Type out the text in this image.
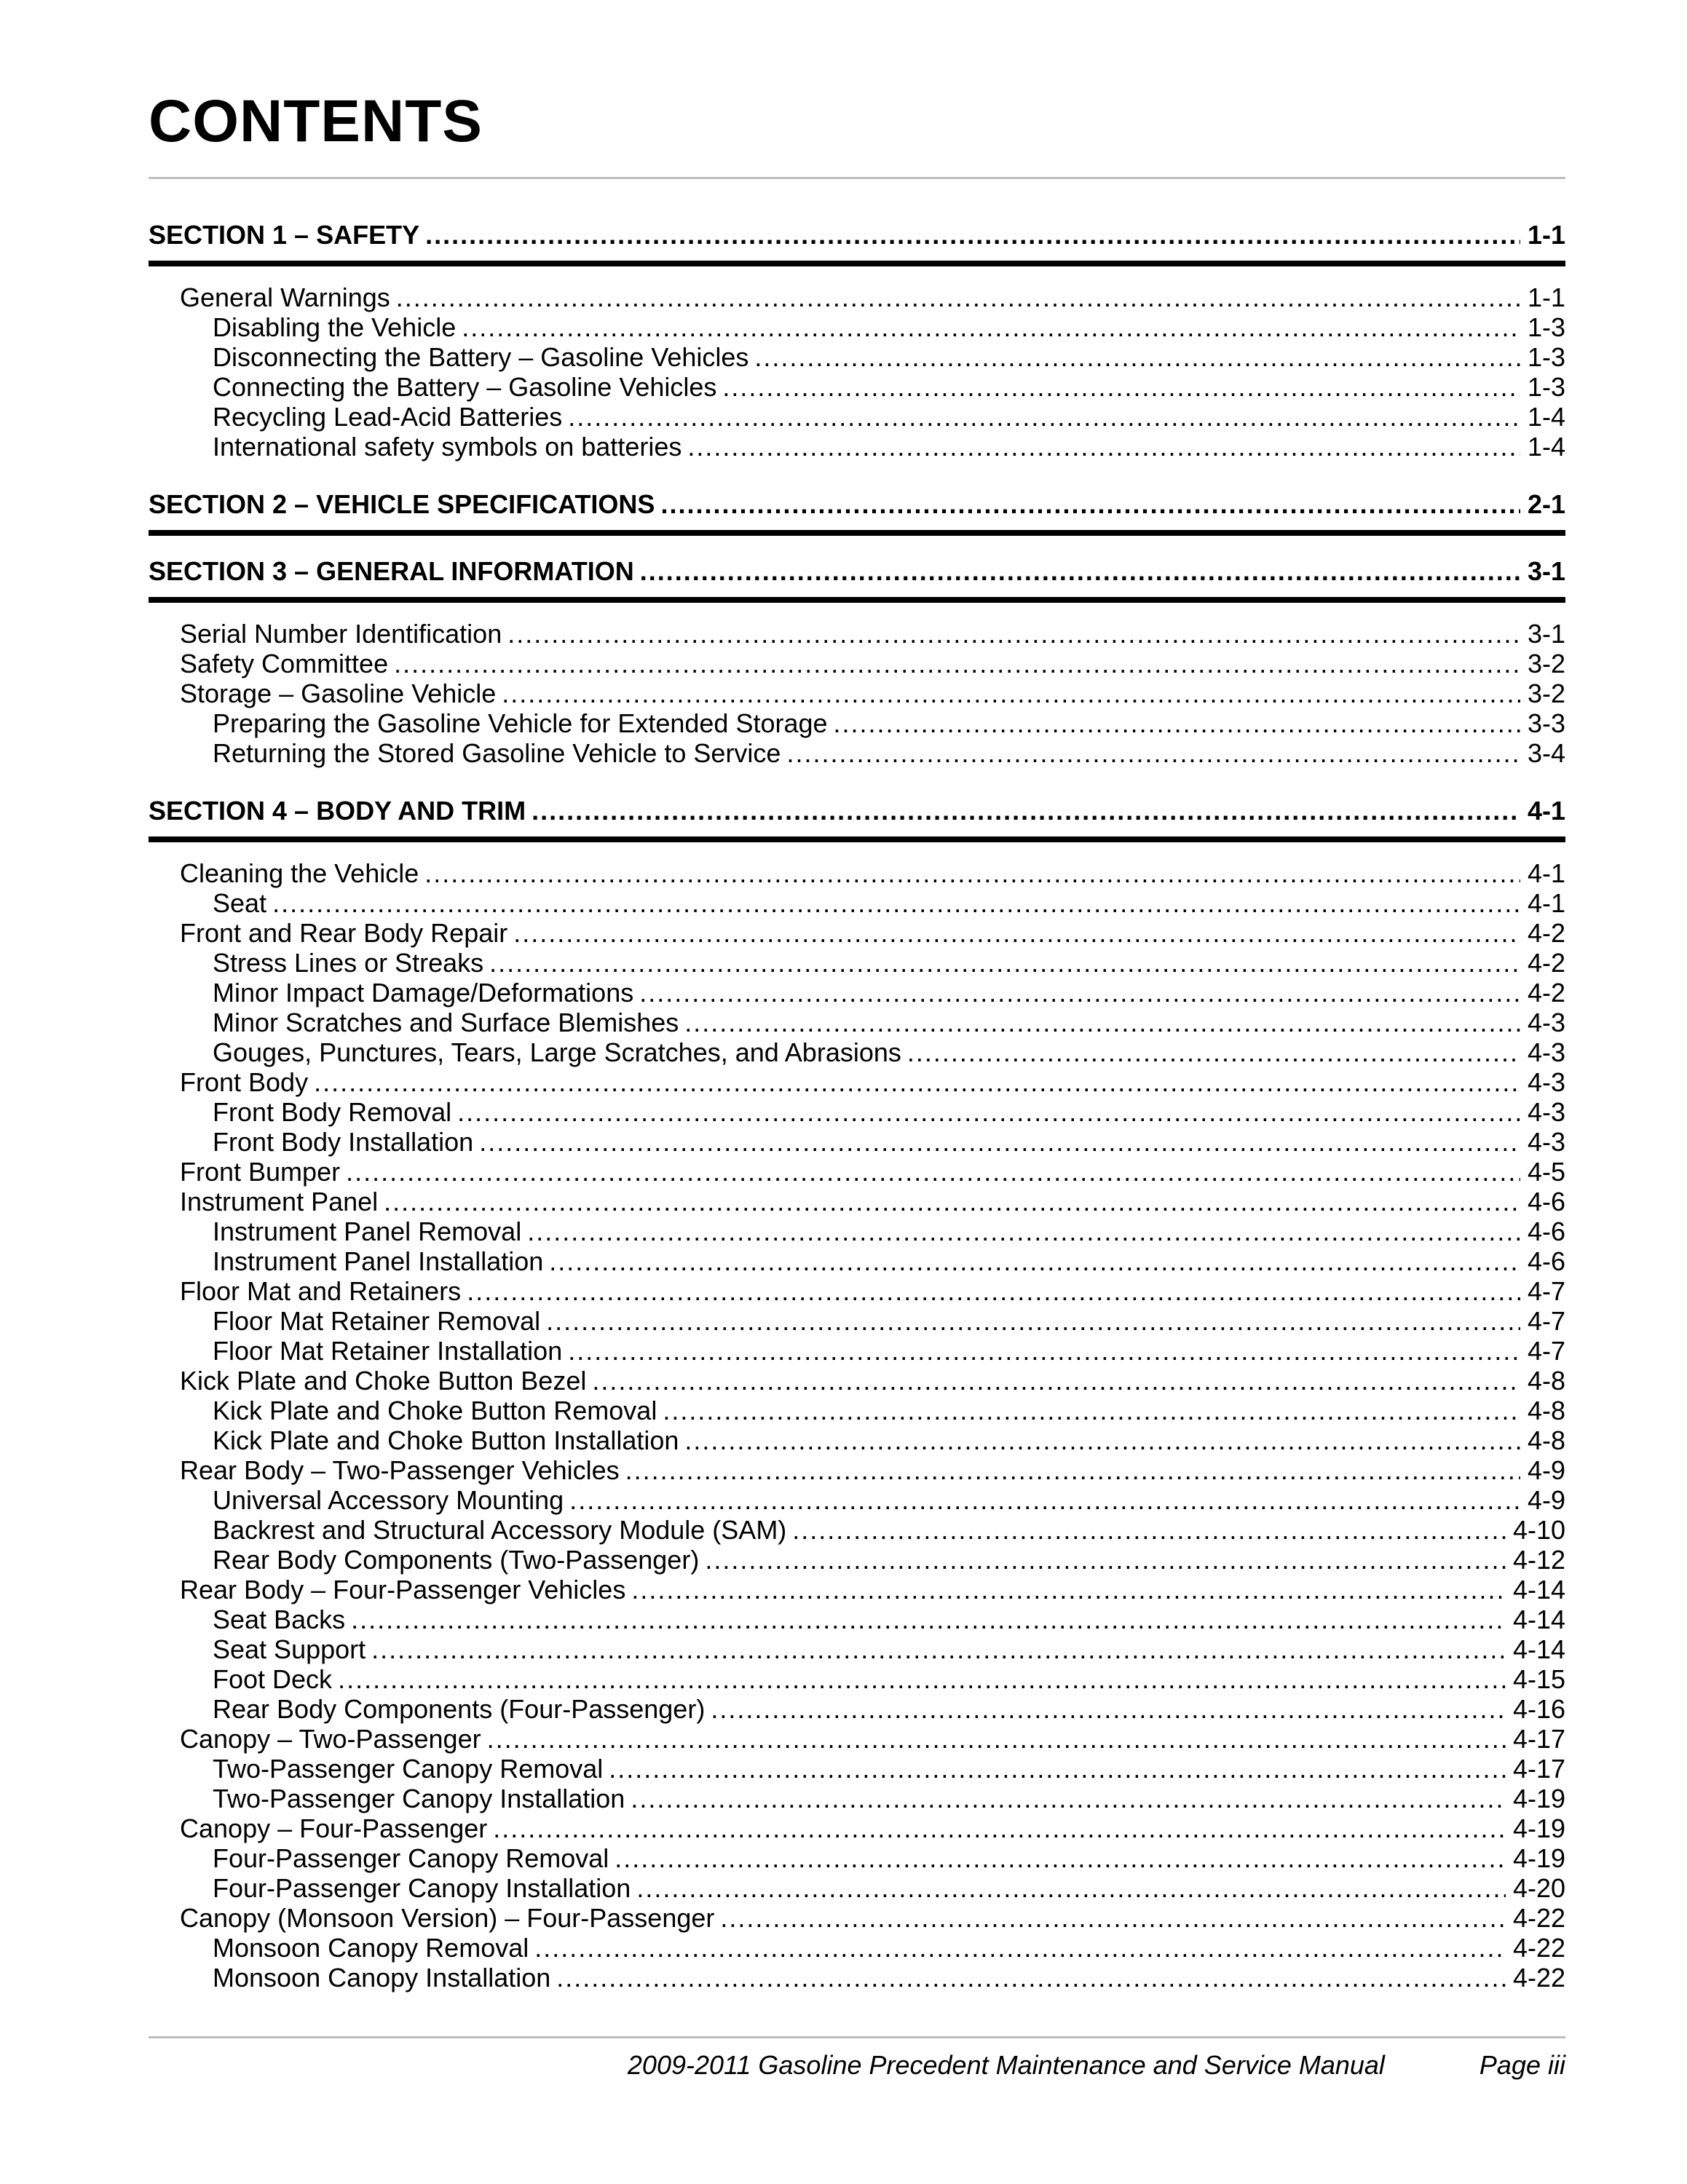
CONTENTS
SECTION 1 – SAFETY .....	1-1
General Warnings .....	1-1
Disabling the Vehicle .....	1-3
Disconnecting the Battery – Gasoline Vehicles .....	1-3
Connecting the Battery – Gasoline Vehicles .....	1-3
Recycling Lead-Acid Batteries .....	1-4
International safety symbols on batteries .....	1-4
SECTION 2 – VEHICLE SPECIFICATIONS .....	2-1
SECTION 3 – GENERAL INFORMATION .....	3-1
Serial Number Identification .....	3-1
Safety Committee .....	3-2
Storage – Gasoline Vehicle .....	3-2
Preparing the Gasoline Vehicle for Extended Storage .....	3-3
Returning the Stored Gasoline Vehicle to Service .....	3-4
SECTION 4 – BODY AND TRIM .....	4-1
Cleaning the Vehicle .....	4-1
Seat .....	4-1
Front and Rear Body Repair .....	4-2
Stress Lines or Streaks .....	4-2
Minor Impact Damage/Deformations .....	4-2
Minor Scratches and Surface Blemishes .....	4-3
Gouges, Punctures, Tears, Large Scratches, and Abrasions .....	4-3
Front Body .....	4-3
Front Body Removal .....	4-3
Front Body Installation .....	4-3
Front Bumper .....	4-5
Instrument Panel .....	4-6
Instrument Panel Removal .....	4-6
Instrument Panel Installation .....	4-6
Floor Mat and Retainers .....	4-7
Floor Mat Retainer Removal .....	4-7
Floor Mat Retainer Installation .....	4-7
Kick Plate and Choke Button Bezel .....	4-8
Kick Plate and Choke Button Removal .....	4-8
Kick Plate and Choke Button Installation .....	4-8
Rear Body – Two-Passenger Vehicles .....	4-9
Universal Accessory Mounting .....	4-9
Backrest and Structural Accessory Module (SAM) .....	4-10
Rear Body Components (Two-Passenger) .....	4-12
Rear Body – Four-Passenger Vehicles .....	4-14
Seat Backs .....	4-14
Seat Support .....	4-14
Foot Deck .....	4-15
Rear Body Components (Four-Passenger) .....	4-16
Canopy – Two-Passenger .....	4-17
Two-Passenger Canopy Removal .....	4-17
Two-Passenger Canopy Installation .....	4-19
Canopy – Four-Passenger .....	4-19
Four-Passenger Canopy Removal .....	4-19
Four-Passenger Canopy Installation .....	4-20
Canopy (Monsoon Version) – Four-Passenger .....	4-22
Monsoon Canopy Removal .....	4-22
Monsoon Canopy Installation .....	4-22
2009-2011 Gasoline Precedent Maintenance and Service Manual	Page iii
